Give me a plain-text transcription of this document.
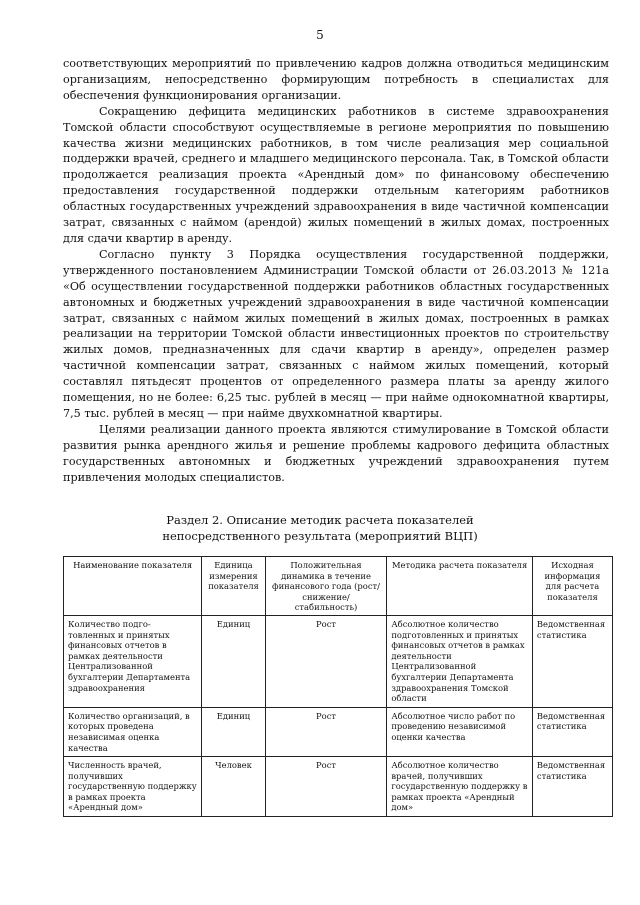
5

соответствующих мероприятий по привлечению кадров должна отводиться медицинским организациям, непосредственно формирующим потребность в специалистах для обеспечения функционирования организации.

Сокращению дефицита медицинских работников в системе здравоохранения Томской области способствуют осуществляемые в регионе мероприятия по повышению качества жизни медицинских работников, в том числе реализация мер социальной поддержки врачей, среднего и младшего медицинского персонала. Так, в Томской области продолжается реализация проекта «Арендный дом» по финансовому обеспечению предоставления государственной поддержки отдельным категориям работников областных государственных учреждений здравоохранения в виде частичной компенсации затрат, связанных с наймом (арендой) жилых помещений в жилых домах, построенных для сдачи квартир в аренду.

Согласно пункту 3 Порядка осуществления государственной поддержки, утвержденного постановлением Администрации Томской области от 26.03.2013 № 121а «Об осуществлении государственной поддержки работников областных государственных автономных и бюджетных учреждений здравоохранения в виде частичной компенсации затрат, связанных с наймом жилых помещений в жилых домах, построенных в рамках реализации на территории Томской области инвестиционных проектов по строительству жилых домов, предназначенных для сдачи квартир в аренду», определен размер частичной компенсации затрат, связанных с наймом жилых помещений, который составлял пятьдесят процентов от определенного размера платы за аренду жилого помещения, но не более: 6,25 тыс. рублей в месяц — при найме однокомнатной квартиры, 7,5 тыс. рублей в месяц — при найме двухкомнатной квартиры.

Целями реализации данного проекта являются стимулирование в Томской области развития рынка арендного жилья и решение проблемы кадрового дефицита областных государственных автономных и бюджетных учреждений здравоохранения путем привлечения молодых специалистов.

Раздел 2. Описание методик расчета показателей
непосредственного результата (мероприятий ВЦП)
Наименование показателя	Единица измерения показателя	Положительная динамика в течение финансового года (рост/снижение/ стабильность)	Методика расчета показателя	Исходная информация для расчета показателя
Количество подго-товленных и принятых финансовых отчетов в рамках деятельности Централизованной бухгалтерии Департамента здравоохранения	Единиц	Рост	Абсолютное количество подготовленных и принятых финансовых отчетов в рамках деятельности Централизованной бухгалтерии Департамента здравоохранения Томской области	Ведомственная статистика
Количество организаций, в которых проведена независимая оценка качества	Единиц	Рост	Абсолютное число работ по проведению независимой оценки качества	Ведомственная статистика
Численность врачей, получивших государственную поддержку в рамках проекта «Арендный дом»	Человек	Рост	Абсолютное количество врачей, получивших государственную поддержку в рамках проекта «Арендный дом»	Ведомственная статистика
